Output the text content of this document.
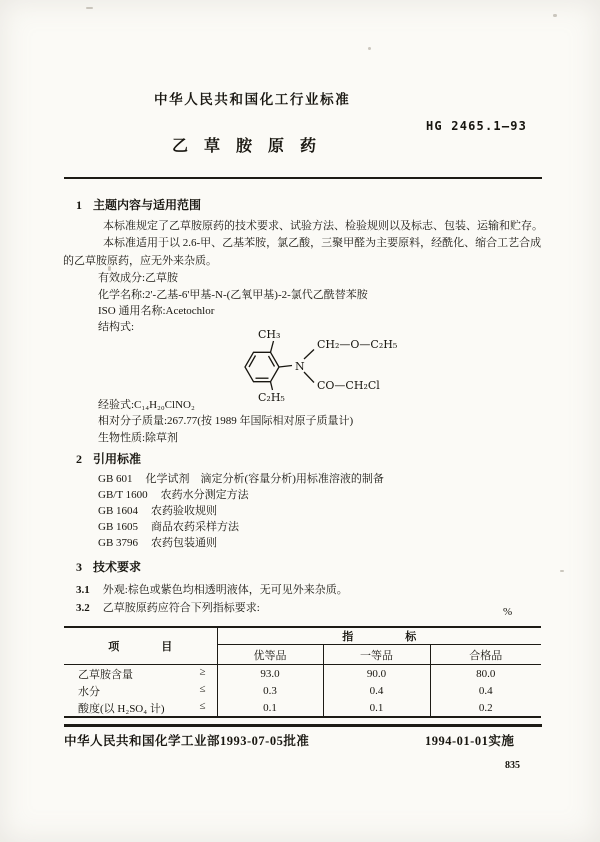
中华人民共和国化工行业标准
HG 2465.1—93
乙草胺原药
1 主题内容与适用范围
本标准规定了乙草胺原药的技术要求、试验方法、检验规则以及标志、包装、运输和贮存。
本标准适用于以 2.6-甲、乙基苯胺，氯乙酸，三聚甲醛为主要原料，经酰化、缩合工艺合成的乙草胺原药，应无外来杂质。
有效成分:乙草胺
化学名称:2'-乙基-6'甲基-N-(乙氧甲基)-2-氯代乙酰替苯胺
ISO 通用名称:Acetochlor
结构式:
CH₃
N
CH₂—O—C₂H₅
CO—CH₂Cl
C₂H₅
经验式:C₁₄H₂₀ClNO₂
相对分子质量:267.77(按 1989 年国际相对原子质量计)
生物性质:除草剂
2 引用标准
GB 601 化学试剂　滴定分析(容量分析)用标准溶液的制备
GB/T 1600 农药水分测定方法
GB 1604 农药验收规则
GB 1605 商品农药采样方法
GB 3796 农药包装通则
3 技术要求
3.1 外观:棕色或紫色均相透明液体，无可见外来杂质。
3.2 乙草胺原药应符合下列指标要求:	%
项目	指标		
	优等品	一等品	合格品

乙草胺含量 ≥	93.0	90.0	80.0

水分 ≤	0.3	0.4	0.4

酸度(以 H₂SO₄ 计) ≤	0.1	0.1	0.2
中华人民共和国化学工业部1993-07-05批准	1994-01-01实施
835
